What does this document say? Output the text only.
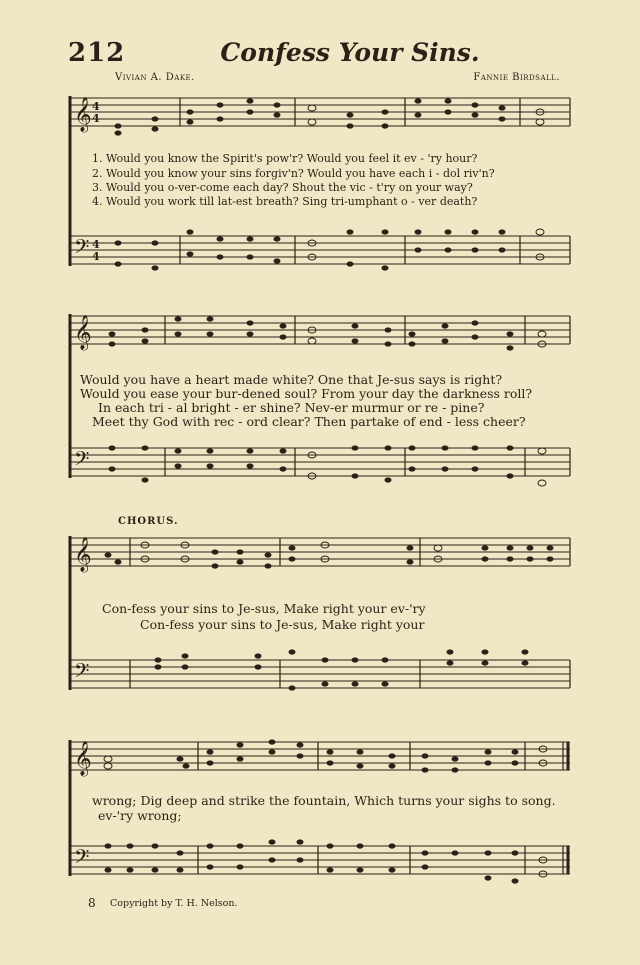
212	Confess Your Sins.
Vivian A. Dake.	Fannie Birdsall.
𝄞
𝄢
4
4
4
4
1. Would you know the Spirit's pow'r? Would you feel it ev - 'ry hour?
2. Would you know your sins forgiv'n? Would you have each i - dol riv'n?
3. Would you o-ver-come each day? Shout the vic - t'ry on your way?
4. Would you work till lat-est breath? Sing tri-umphant o - ver death?
𝄞
𝄢
Would you have a heart made white? One that Je-sus says is right?
Would you ease your bur-dened soul? From your day the darkness roll?
In each tri - al bright - er shine? Nev-er murmur or re - pine?
Meet thy God with rec - ord clear? Then partake of end - less cheer?
CHORUS.
𝄞
𝄢
Con-fess your sins to Je-sus, Make right your ev-'ry
Con-fess your sins to Je-sus, Make right your
𝄞
𝄢
wrong; Dig deep and strike the fountain, Which turns your sighs to song.
ev-'ry wrong;
8 Copyright by T. H. Nelson.
